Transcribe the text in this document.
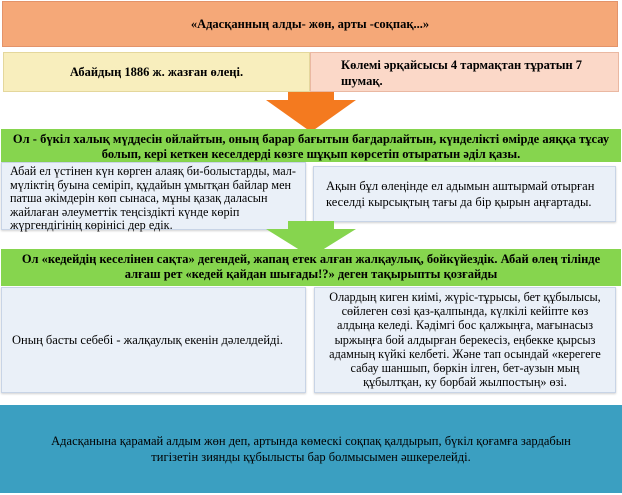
«Адасқанның алды- жөн, арты -соқпақ...»
Абайдың 1886 ж. жазған өлеңі.	Көлемі әрқайсысы 4 тармақтан тұратын 7 шумақ.
Ол - бүкіл халық мүддесін ойлайтын, оның барар бағытын бағдарлайтын, күнделікті өмірде аяққа тұсау болып, кері кеткен кеселдерді көзге шұқып көрсетіп отыратын әділ қазы.
Абай ел үстінен күн көрген алаяқ би-болыстарды, мал-мүліктің буына семіріп, құдайын ұмытқан байлар мен патша әкімдерін көп сынаса, мұны қазақ даласын жайлаған әлеуметтік теңсіздікті күнде көріп жүргендігінің көрінісі дер едік.
Ақын бұл өлеңінде ел адымын аштырмай отырған кеселді кырсықтың тағы да бір қырын аңғартады.
Ол «кедейдің кеселінен сақта» дегендей, жапаң етек алған жалқаулық, бойкүйездік. Абай өлең тілінде алғаш рет «кедей қайдан шығады!?» деген тақырыпты қозғайды
Оның басты себебі - жалқаулық екенін дәлелдейді.
Олардың киген киімі, жүріс-тұрысы, бет құбылысы, сөйлеген сөзі қаз-қалпында, күлкілі кейіпте көз алдыңа келеді. Кәдімгі бос қалжыңға, мағынасыз ыржыңға бой алдырған берекесіз, еңбекке қырсыз адамның күйкі келбеті. Және тап осындай «керегеге сабау шаншып, бөркін ілген, бет-аузын мың құбылтқан, ку борбай жылпостың» өзі.
Адасқанына қарамай алдым жөн деп, артында көмескі соқпақ қалдырып, бүкіл қоғамға зардабын тигізетін зиянды құбылысты бар болмысымен әшкерелейді.
